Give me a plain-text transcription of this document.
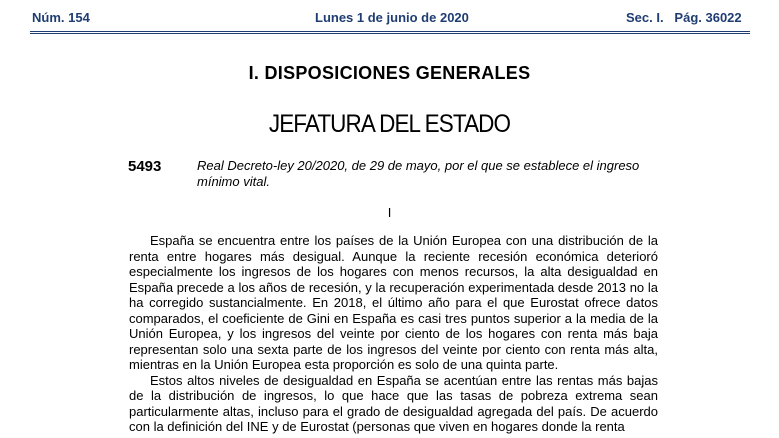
Núm. 154	Lunes 1 de junio de 2020	Sec. I.   Pág. 36022
I. DISPOSICIONES GENERALES
JEFATURA DEL ESTADO
5493	Real Decreto-ley 20/2020, de 29 de mayo, por el que se establece el ingreso mínimo vital.
I

España se encuentra entre los países de la Unión Europea con una distribución de la renta entre hogares más desigual. Aunque la reciente recesión económica deterioró especialmente los ingresos de los hogares con menos recursos, la alta desigualdad en España precede a los años de recesión, y la recuperación experimentada desde 2013 no la ha corregido sustancialmente. En 2018, el último año para el que Eurostat ofrece datos comparados, el coeficiente de Gini en España es casi tres puntos superior a la media de la Unión Europea, y los ingresos del veinte por ciento de los hogares con renta más baja representan solo una sexta parte de los ingresos del veinte por ciento con renta más alta, mientras en la Unión Europea esta proporción es solo de una quinta parte.

Estos altos niveles de desigualdad en España se acentúan entre las rentas más bajas de la distribución de ingresos, lo que hace que las tasas de pobreza extrema sean particularmente altas, incluso para el grado de desigualdad agregada del país. De acuerdo con la definición del INE y de Eurostat (personas que viven en hogares donde la renta
